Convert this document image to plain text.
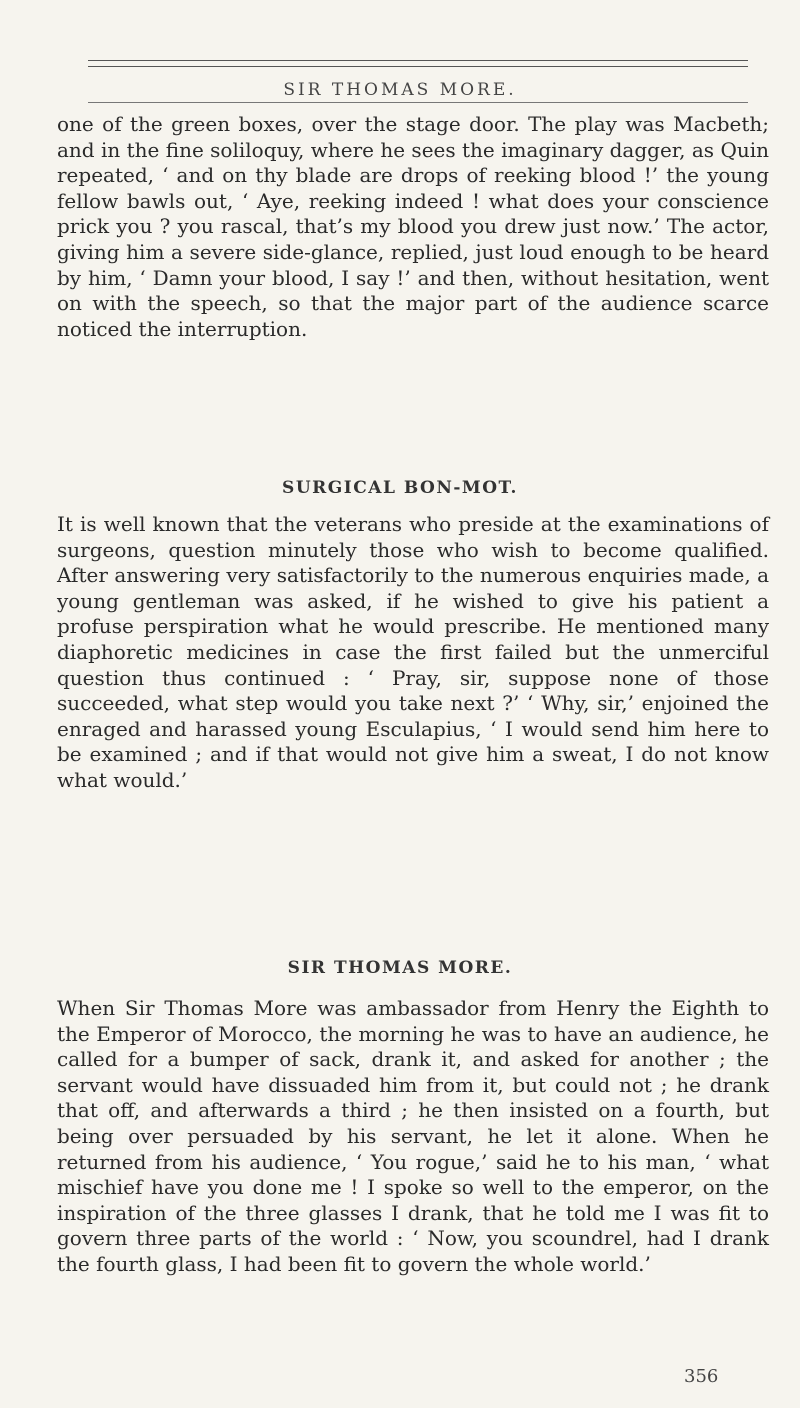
SIR THOMAS MORE.

one of the green boxes, over the stage door. The play was Macbeth; and in the fine soliloquy, where he sees the imaginary dagger, as Quin repeated, ‘ and on thy blade are drops of reeking blood !’ the young fellow bawls out, ‘ Aye, reeking indeed ! what does your conscience prick you ? you rascal, that’s my blood you drew just now.’ The actor, giving him a severe side-glance, replied, just loud enough to be heard by him, ‘ Damn your blood, I say !’ and then, without hesitation, went on with the speech, so that the major part of the audience scarce noticed the interruption.

SURGICAL BON-MOT.

It is well known that the veterans who preside at the examinations of surgeons, question minutely those who wish to become qualified. After answering very satisfactorily to the numerous enquiries made, a young gentleman was asked, if he wished to give his patient a profuse perspiration what he would prescribe. He mentioned many diaphoretic medicines in case the first failed but the unmerciful question thus continued : ‘ Pray, sir, suppose none of those succeeded, what step would you take next ?’ ‘ Why, sir,’ enjoined the enraged and harassed young Esculapius, ‘ I would send him here to be examined ; and if that would not give him a sweat, I do not know what would.’

SIR THOMAS MORE.

When Sir Thomas More was ambassador from Henry the Eighth to the Emperor of Morocco, the morning he was to have an audience, he called for a bumper of sack, drank it, and asked for another ; the servant would have dissuaded him from it, but could not ; he drank that off, and afterwards a third ; he then insisted on a fourth, but being over persuaded by his servant, he let it alone. When he returned from his audience, ‘ You rogue,’ said he to his man, ‘ what mischief have you done me ! I spoke so well to the emperor, on the inspiration of the three glasses I drank, that he told me I was fit to govern three parts of the world : ‘ Now, you scoundrel, had I drank the fourth glass, I had been fit to govern the whole world.’

356
